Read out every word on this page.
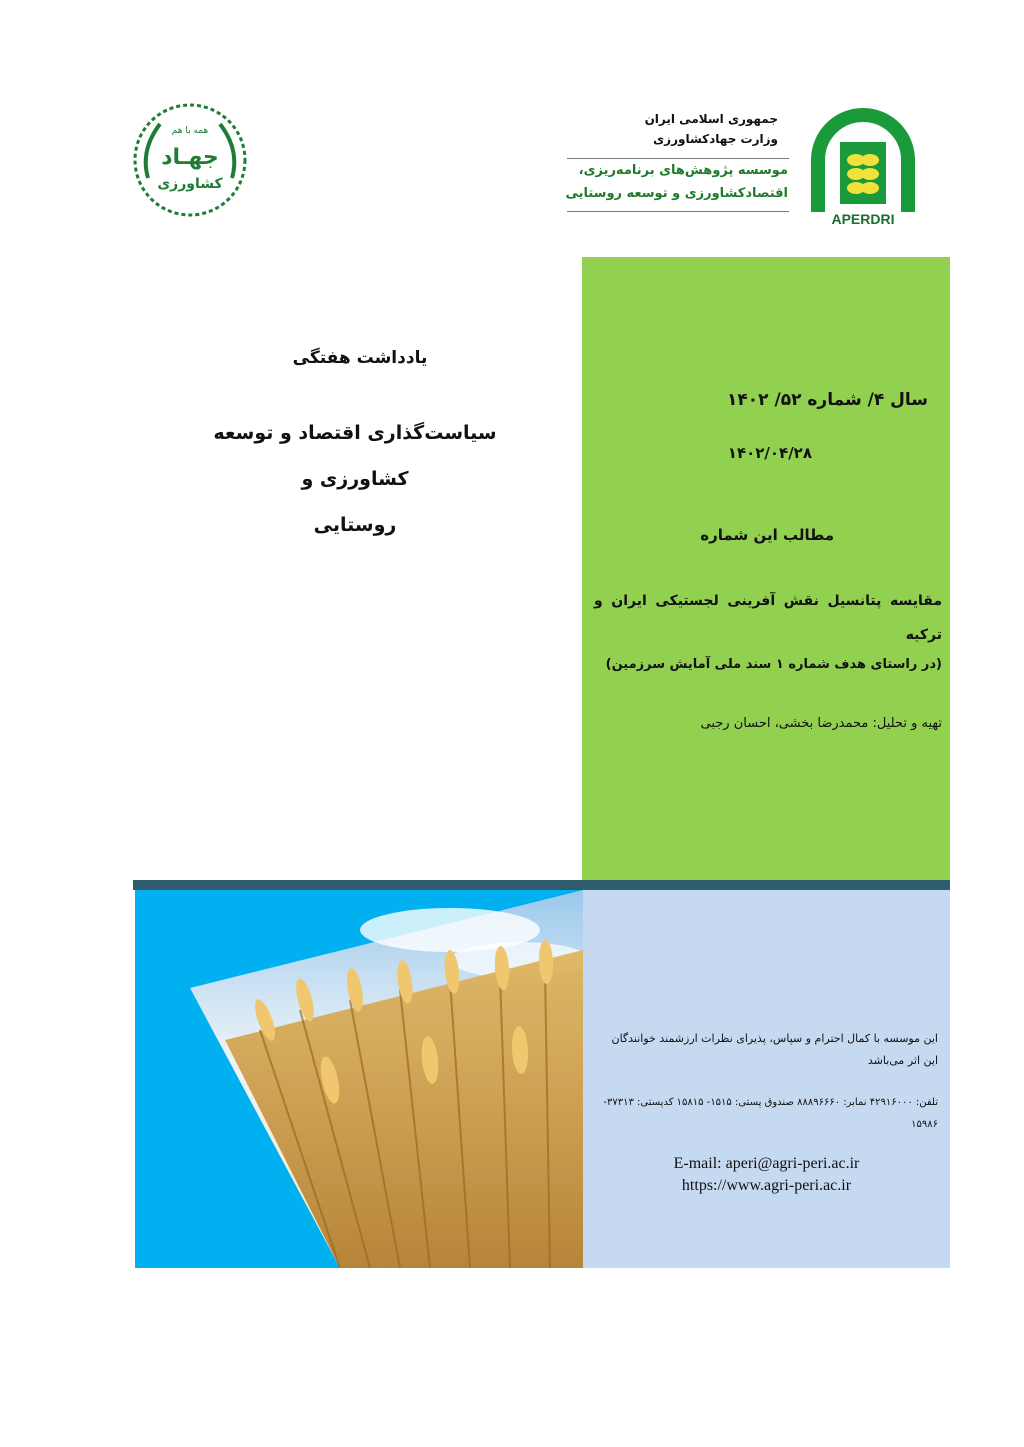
همه با هم
جهـاد
کشاورزی
جمهوری اسلامی ایران
وزارت جهادکشاورزی
موسسه پژوهش‌های برنامه‌ریزی،
اقتصادکشاورزی و توسعه روستایی
APERDRI
یادداشت هفتگی
سیاست‌گذاری اقتصاد و توسعه کشاورزی و
روستایی
سال ۴/ شماره ۵۲/ ۱۴۰۲
۱۴۰۲/۰۴/۲۸
مطالب این شماره
مقایسه پتانسیل نقش آفرینی لجستیکی ایران و ترکیه
(در راستای هدف شماره ۱ سند ملی آمایش سرزمین)
تهیه و تحلیل: محمدرضا بخشی، احسان رجبی
این موسسه با کمال احترام و سپاس، پذیرای نظرات ارزشمند خوانندگان این اثر می‌باشد
تلفن: ۴۲۹۱۶۰۰۰ نمابر: ۸۸۸۹۶۶۶۰ صندوق پستی: ۱۵۱۵- ۱۵۸۱۵ کدپستی: ۳۷۳۱۳- ۱۵۹۸۶
E-mail: aperi@agri-peri.ac.ir
https://www.agri-peri.ac.ir
